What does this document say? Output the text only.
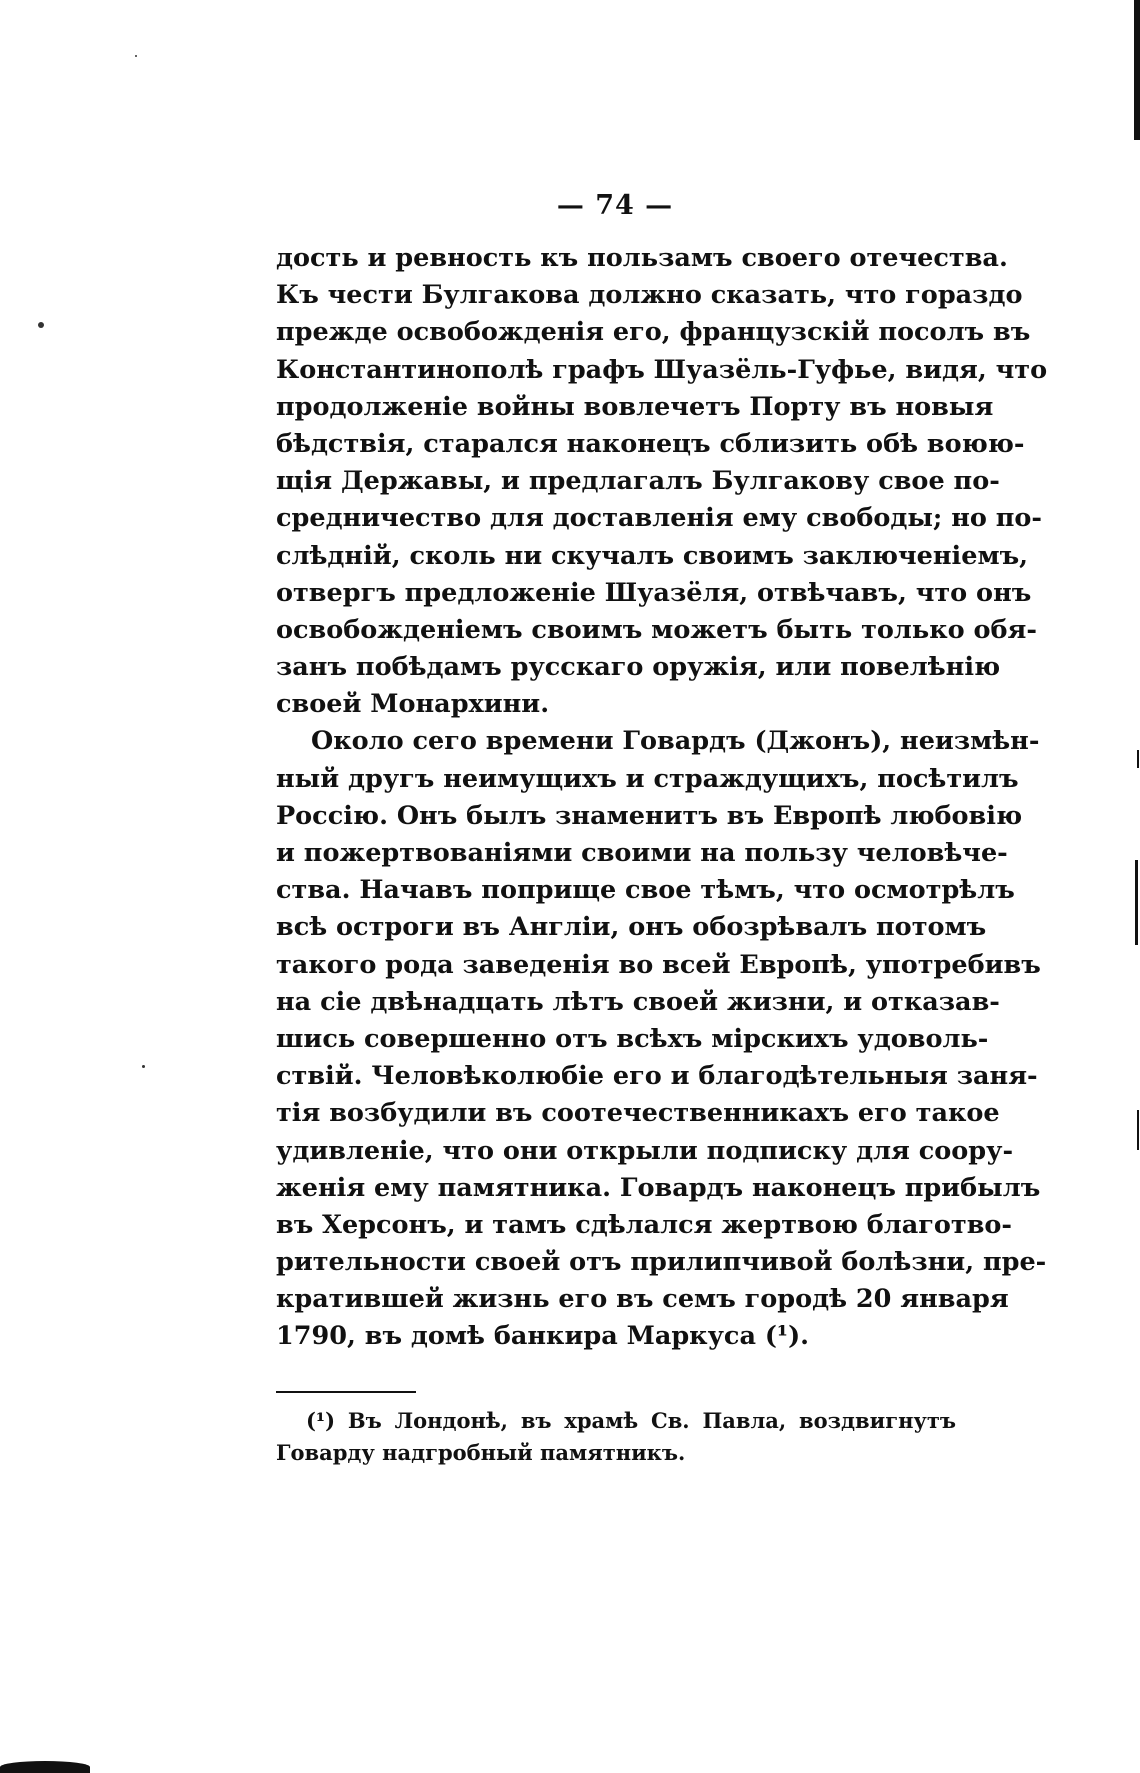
— 74 —
дость и ревность къ пользамъ своего отечества.
Къ чести Булгакова должно сказать, что гораздо
прежде освобожденія его, французскій посолъ въ
Константинополѣ графъ Шуазёль-Гуфье, видя, что
продолженіе войны вовлечетъ Порту въ новыя
бѣдствія, старался наконецъ сблизить обѣ воюю-
щія Державы, и предлагалъ Булгакову свое по-
средничество для доставленія ему свободы; но по-
слѣдній, сколь ни скучалъ своимъ заключеніемъ,
отвергъ предложеніе Шуазёля, отвѣчавъ, что онъ
освобожденіемъ своимъ можетъ быть только обя-
занъ побѣдамъ русскаго оружія, или повелѣнію
своей Монархини.
Около сего времени Говардъ (Джонъ), неизмѣн-
ный другъ неимущихъ и страждущихъ, посѣтилъ
Россію. Онъ былъ знаменитъ въ Европѣ любовію
и пожертвованіями своими на пользу человѣче-
ства. Начавъ поприще свое тѣмъ, что осмотрѣлъ
всѣ остроги въ Англіи, онъ обозрѣвалъ потомъ
такого рода заведенія во всей Европѣ, употребивъ
на сіе двѣнадцать лѣтъ своей жизни, и отказав-
шись совершенно отъ всѣхъ мірскихъ удоволь-
ствій. Человѣколюбіе его и благодѣтельныя заня-
тія возбудили въ соотечественникахъ его такое
удивленіе, что они открыли подписку для соору-
женія ему памятника. Говардъ наконецъ прибылъ
въ Херсонъ, и тамъ сдѣлался жертвою благотво-
рительности своей отъ прилипчивой болѣзни, пре-
кратившей жизнь его въ семъ городѣ 20 января
1790, въ домѣ банкира Маркуса (¹).
(¹) Въ Лондонѣ, въ храмѣ Св. Павла, воздвигнутъ
Говарду надгробный памятникъ.
